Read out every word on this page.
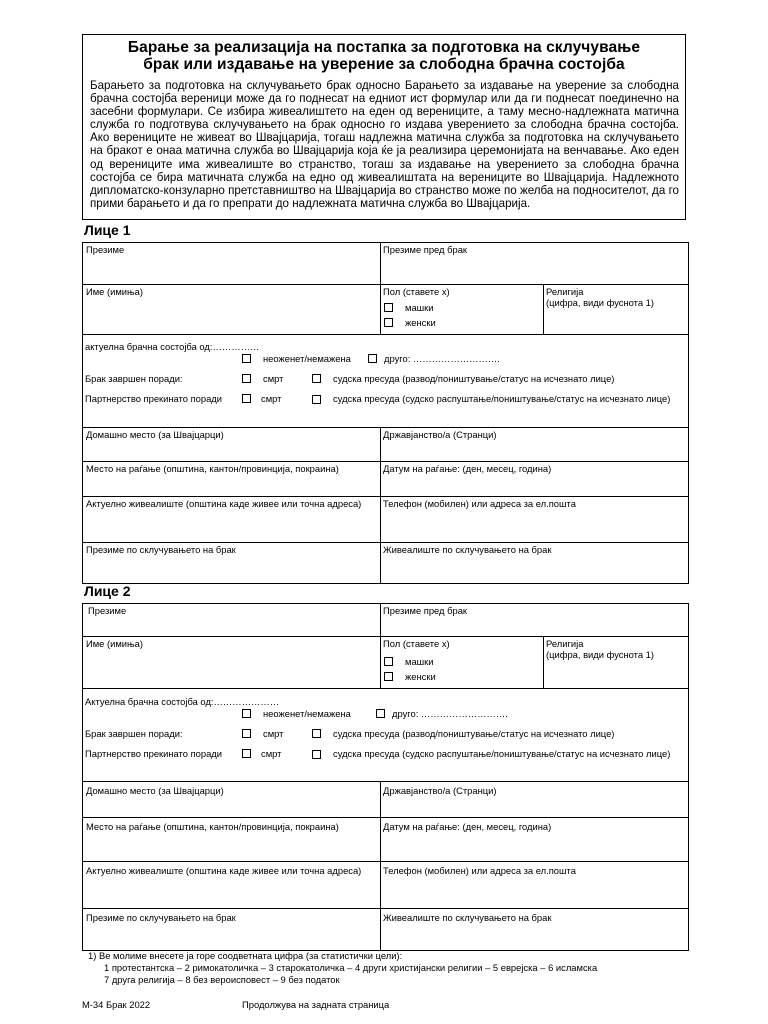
Барање за реализација на постапка за подготовка на склучување
брак или издавање на уверение за слободна брачна состојба
Барањето за подготовка на склучувањето брак односно Барањето за издавање на уверение за слободна брачна состојба вереници може да го поднесат на едниот ист формулар или да ги поднесат поединечно на засебни формулари. Се избира живеалиштето на еден од верениците, а таму месно-надлежната матична служба го подготвува склучувањето на брак односно го издава уверението за слободна брачна состојба. Ако верениците не живеат во Швајцарија, тогаш надлежна матична служба за подготовка на склучувањето на бракот е онаа матична служба во Швајцарија која ќе ја реализира церемонијата на венчавање. Ако еден од верениците има живеалиште во странство, тогаш за издавање на уверението за слободна брачна состојба се бира матичната служба на едно од живеалиштата на верениците во Швајцарија. Надлежното дипломатско-конзуларно претставништво на Швајцарија во странство може по желба на подносителот, да го прими барањето и да го препрати до надлежната матична служба во Швајцарија.
Лице 1
Презиме	Презиме пред брак
Име (имиња)	Пол (ставете х)
машки
женски
Религија
(цифра, види фуснота 1)
актуелна брачна состојба од:……………
неоженет/немажена	друго: ……………………….
Брак завршен поради:	смрт	судска пресуда (развод/поништување/статус на исчезнато лице)
Партнерство прекинато поради	смрт	судска пресуда (судско распуштање/поништување/статус на исчезнато лице)
Домашно место (за Швајцарци)	Државјанство/а (Странци)
Место на раѓање (општина, кантон/провинција, покраина)	Датум на раѓање: (ден, месец, година)
Актуелно живеалиште (општина каде живее или точна адреса)	Телефон (мобилен) или адреса за ел.пошта
Презиме по склучувањето на брак	Живеалиште по склучувањето на брак
Лице 2
Презиме	Презиме пред брак
Име (имиња)	Пол (ставете х)
машки
женски
Религија
(цифра, види фуснота 1)
Актуелна брачна состојба од:…………………
неоженет/немажена	друго: ……………………….
Брак завршен поради:	смрт	судска пресуда (развод/поништување/статус на исчезнато лице)
Партнерство прекинато поради	смрт	судска пресуда (судско распуштање/поништување/статус на исчезнато лице)
Домашно место (за Швајцарци)	Државјанство/а (Странци)
Место на раѓање (општина, кантон/провинција, покраина)	Датум на раѓање: (ден, месец, година)
Актуелно живеалиште (општина каде живее или точна адреса)	Телефон (мобилен) или адреса за ел.пошта
Презиме по склучувањето на брак	Живеалиште по склучувањето на брак
1) Ве молиме внесете ја горе соодветната цифра (за статистички цели):
1 протестантска – 2 римокатоличка – 3 старокатоличка – 4 други христијански религии – 5 еврејска – 6 исламска
7 друга религија – 8 без вероисповест – 9 без податок
М-34 Брак 2022	Продолжува на задната страница
